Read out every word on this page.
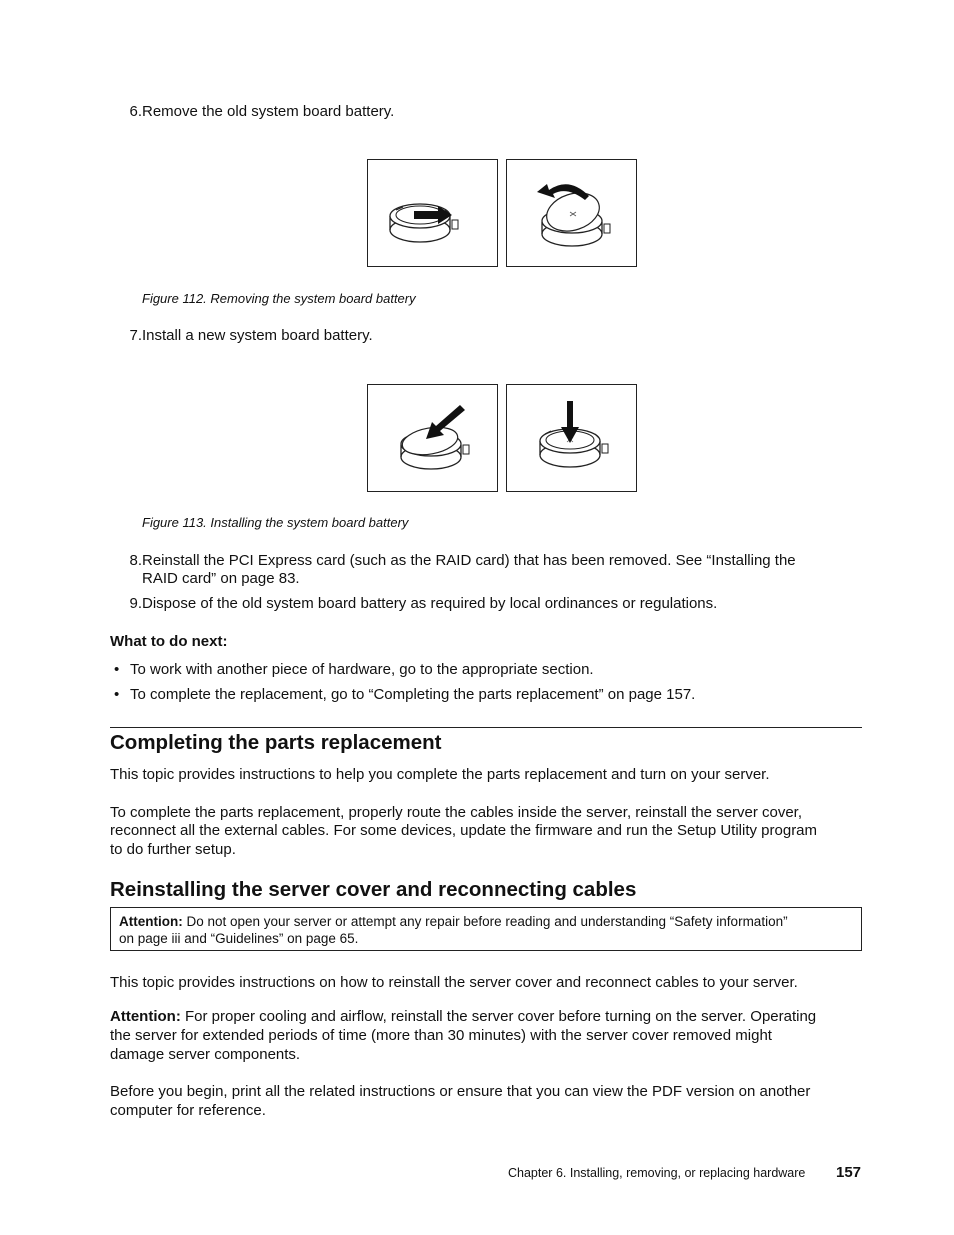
6. Remove the old system board battery.
Figure 112. Removing the system board battery
7. Install a new system board battery.
Figure 113. Installing the system board battery
8. Reinstall the PCI Express card (such as the RAID card) that has been removed. See “Installing the
RAID card” on page 83.
9. Dispose of the old system board battery as required by local ordinances or regulations.
What to do next:
• To work with another piece of hardware, go to the appropriate section.
• To complete the replacement, go to “Completing the parts replacement” on page 157.
Completing the parts replacement
This topic provides instructions to help you complete the parts replacement and turn on your server.
To complete the parts replacement, properly route the cables inside the server, reinstall the server cover,
reconnect all the external cables. For some devices, update the firmware and run the Setup Utility program
to do further setup.
Reinstalling the server cover and reconnecting cables
Attention: Do not open your server or attempt any repair before reading and understanding “Safety information”
on page iii and “Guidelines” on page 65.
This topic provides instructions on how to reinstall the server cover and reconnect cables to your server.
Attention: For proper cooling and airflow, reinstall the server cover before turning on the server. Operating
the server for extended periods of time (more than 30 minutes) with the server cover removed might
damage server components.
Before you begin, print all the related instructions or ensure that you can view the PDF version on another
computer for reference.
Chapter 6. Installing, removing, or replacing hardware 157
